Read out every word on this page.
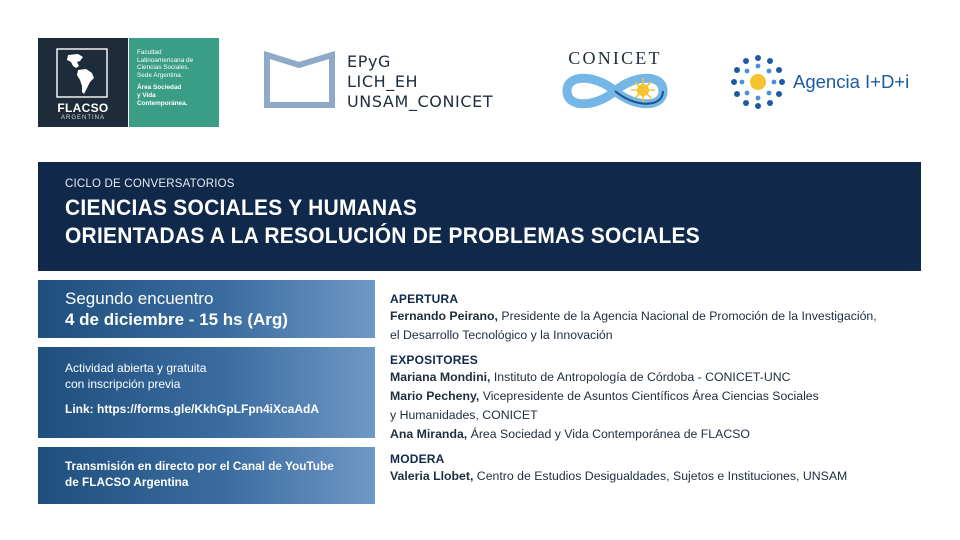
FLACSO
ARGENTINA
Facultad
Latinoamericana de
Ciencias Sociales.
Sede Argentina.
Área Sociedad
y Vida
Contemporánea.
EPyG
LICH_EH
UNSAM_CONICET
CONICET
Agencia I+D+i
CICLO DE CONVERSATORIOS
CIENCIAS SOCIALES Y HUMANAS
ORIENTADAS A LA RESOLUCIÓN DE PROBLEMAS SOCIALES
Segundo encuentro
4 de diciembre - 15 hs (Arg)
Actividad abierta y gratuita
con inscripción previa
Link: https://forms.gle/KkhGpLFpn4iXcaAdA
Transmisión en directo por el Canal de YouTube
de FLACSO Argentina
APERTURA
Fernando Peirano, Presidente de la Agencia Nacional de Promoción de la Investigación,
el Desarrollo Tecnológico y la Innovación
EXPOSITORES
Mariana Mondini, Instituto de Antropología de Córdoba - CONICET-UNC
Mario Pecheny, Vicepresidente de Asuntos Científicos Área Ciencias Sociales
y Humanidades, CONICET
Ana Miranda, Área Sociedad y Vida Contemporánea de FLACSO
MODERA
Valeria Llobet, Centro de Estudios Desigualdades, Sujetos e Instituciones, UNSAM
